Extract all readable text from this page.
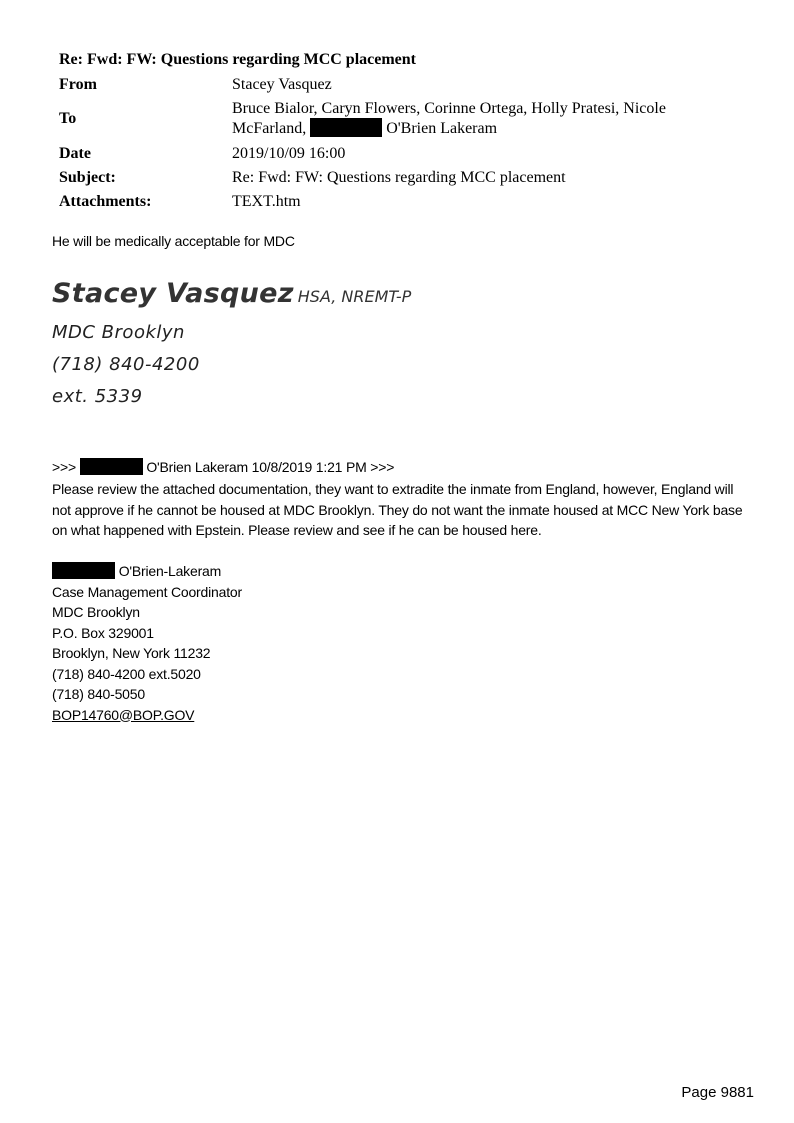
Re: Fwd: FW: Questions regarding MCC placement
From	Stacey Vasquez
To	Bruce Bialor, Caryn Flowers, Corinne Ortega, Holly Pratesi, Nicole
McFarland, O'Brien Lakeram

Date	2019/10/09 16:00
Subject:	Re: Fwd: FW: Questions regarding MCC placement
Attachments:	TEXT.htm
He will be medically acceptable for MDC
Stacey Vasquez HSA, NREMT-P
MDC Brooklyn
(718) 840-4200
ext. 5339
>>>	O'Brien Lakeram 10/8/2019 1:21 PM >>>

Please review the attached documentation, they want to extradite the inmate from England, however, England will not approve if he cannot be housed at MDC Brooklyn. They do not want the inmate housed at MCC New York base on what happened with Epstein. Please review and see if he can be housed here.

O'Brien-Lakeram
Case Management Coordinator
MDC Brooklyn
P.O. Box 329001
Brooklyn, New York 11232
(718) 840-4200 ext.5020
(718) 840-5050
BOP14760@BOP.GOV
Page 9881
